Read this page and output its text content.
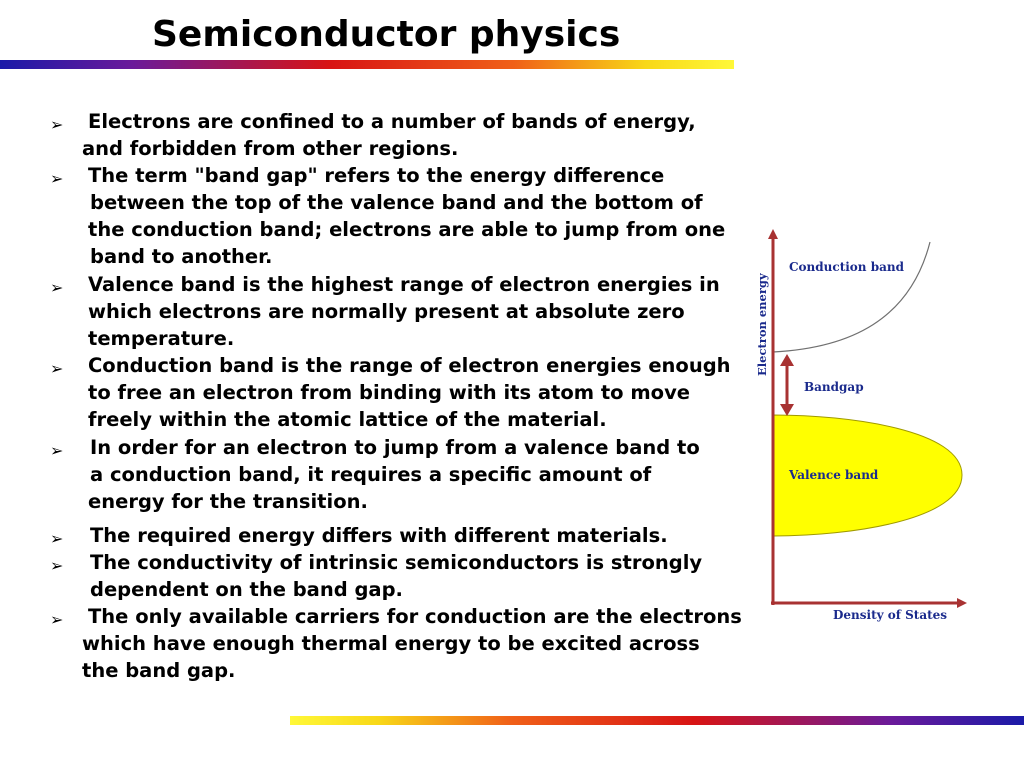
Semiconductor physics
➢ Electrons are confined to a number of bands of energy,
and forbidden from other regions.
➢ The term "band gap" refers to the energy difference
between the top of the valence band and the bottom of
the conduction band; electrons are able to jump from one
band to another.
➢ Valence band is the highest range of electron energies in
which electrons are normally present at absolute zero
temperature.
➢ Conduction band is the range of electron energies enough
to free an electron from binding with its atom to move
freely within the atomic lattice of the material.
➢ In order for an electron to jump from a valence band to
a conduction band, it requires a specific amount of
energy for the transition.
➢ The required energy differs with different materials.
➢ The conductivity of intrinsic semiconductors is strongly
dependent on the band gap.
➢ The only available carriers for conduction are the electrons
which have enough thermal energy to be excited across
the band gap.
Electron energy
Conduction band
Bandgap
Valence band
Density of States
